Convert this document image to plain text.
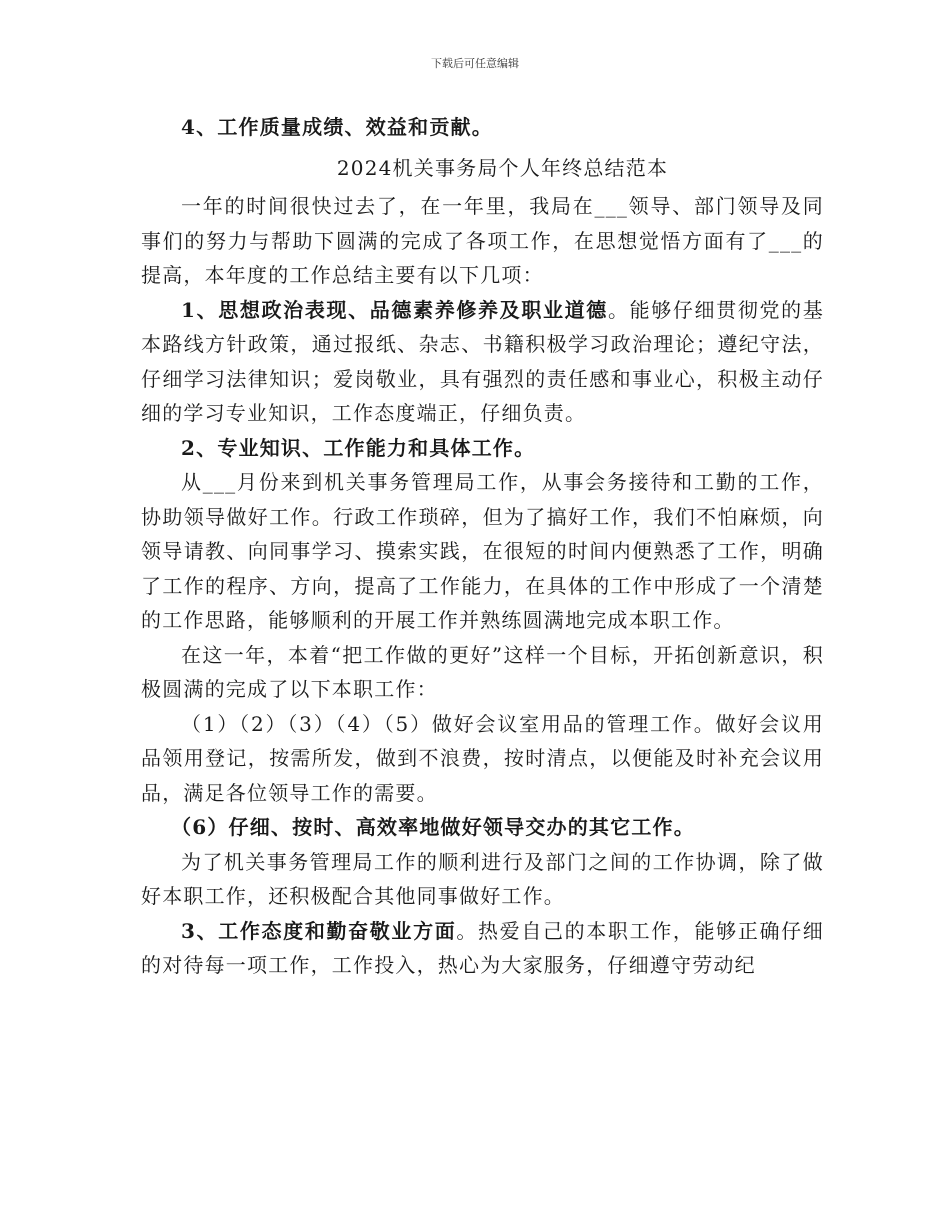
下载后可任意编辑

4、工作质量成绩、效益和贡献。

2024机关事务局个人年终总结范本

一年的时间很快过去了，在一年里，我局在___领导、部门领导及同事们的努力与帮助下圆满的完成了各项工作，在思想觉悟方面有了___的提高，本年度的工作总结主要有以下几项：

1、思想政治表现、品德素养修养及职业道德。能够仔细贯彻党的基本路线方针政策，通过报纸、杂志、书籍积极学习政治理论；遵纪守法，仔细学习法律知识；爱岗敬业，具有强烈的责任感和事业心，积极主动仔细的学习专业知识，工作态度端正，仔细负责。

2、专业知识、工作能力和具体工作。

从___月份来到机关事务管理局工作，从事会务接待和工勤的工作，协助领导做好工作。行政工作琐碎，但为了搞好工作，我们不怕麻烦，向领导请教、向同事学习、摸索实践，在很短的时间内便熟悉了工作，明确了工作的程序、方向，提高了工作能力，在具体的工作中形成了一个清楚的工作思路，能够顺利的开展工作并熟练圆满地完成本职工作。

在这一年，本着“把工作做的更好”这样一个目标，开拓创新意识，积极圆满的完成了以下本职工作：

（1）（2）（3）（4）（5）做好会议室用品的管理工作。做好会议用品领用登记，按需所发，做到不浪费，按时清点，以便能及时补充会议用品，满足各位领导工作的需要。

（6）仔细、按时、高效率地做好领导交办的其它工作。

为了机关事务管理局工作的顺利进行及部门之间的工作协调，除了做好本职工作，还积极配合其他同事做好工作。

3、工作态度和勤奋敬业方面。热爱自己的本职工作，能够正确仔细的对待每一项工作，工作投入，热心为大家服务，仔细遵守劳动纪
